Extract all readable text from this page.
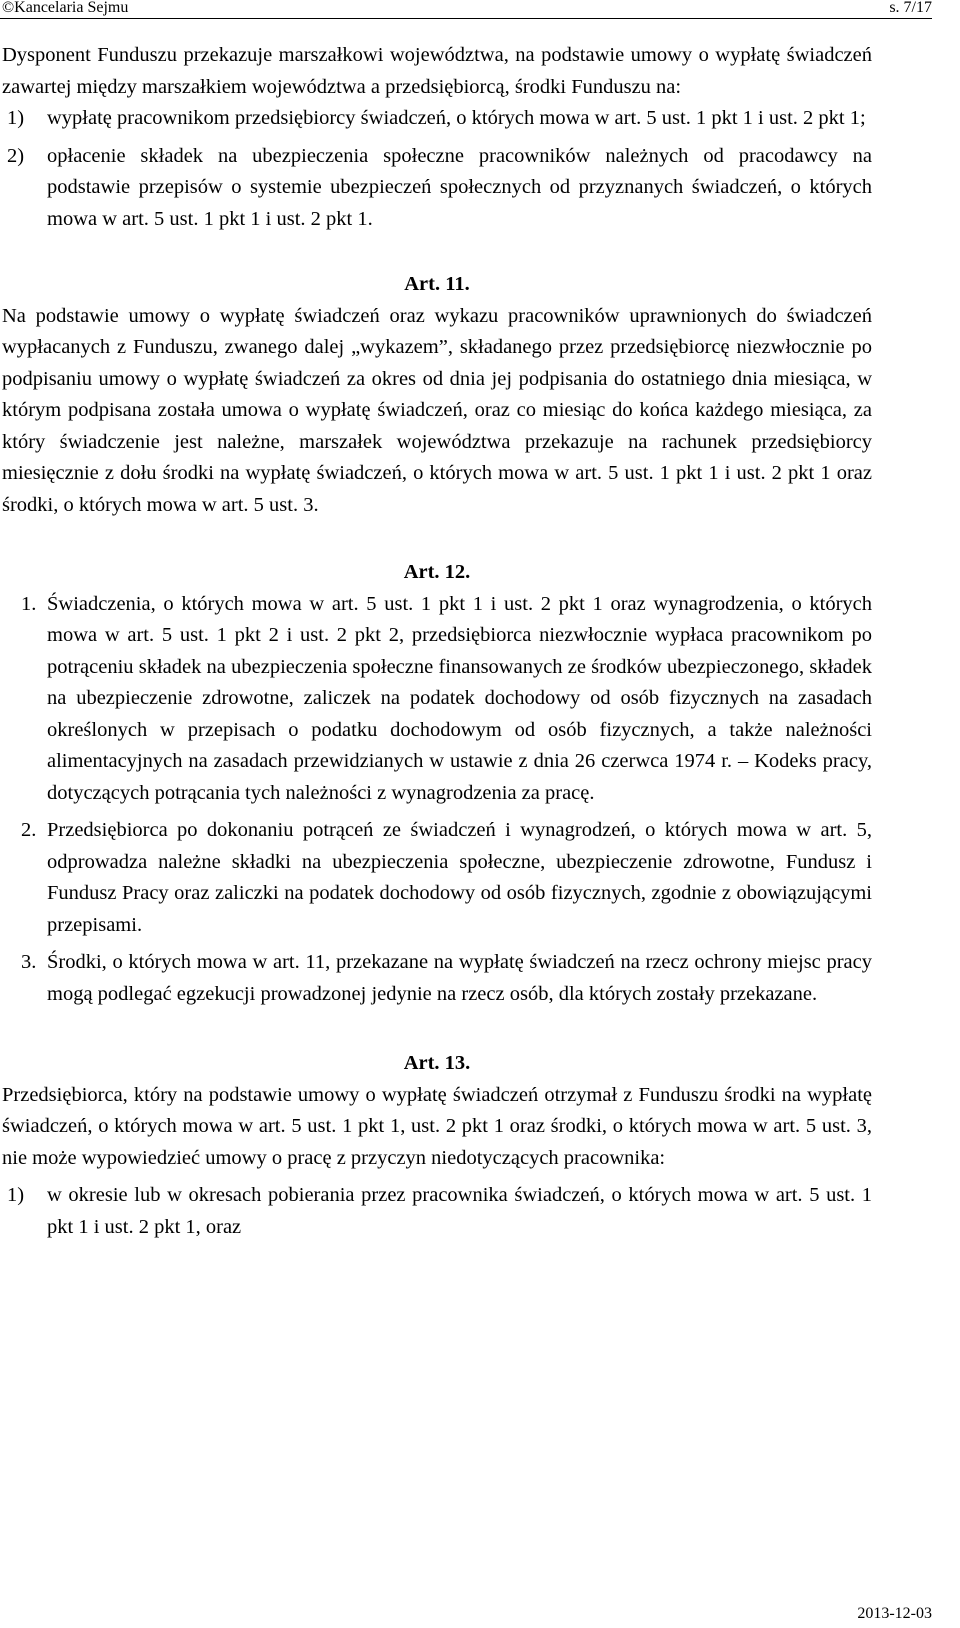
©Kancelaria Sejmu	s. 7/17

Dysponent Funduszu przekazuje marszałkowi województwa, na podstawie umowy o wypłatę świadczeń zawartej między marszałkiem województwa a przedsiębiorcą, środki Funduszu na:

1)	wypłatę pracownikom przedsiębiorcy świadczeń, o których mowa w art. 5 ust. 1 pkt 1 i ust. 2 pkt 1;
2)	opłacenie składek na ubezpieczenia społeczne pracowników należnych od pracodawcy na podstawie przepisów o systemie ubezpieczeń społecznych od przyznanych świadczeń, o których mowa w art. 5 ust. 1 pkt 1 i ust. 2 pkt 1.
Art. 11.

Na podstawie umowy o wypłatę świadczeń oraz wykazu pracowników uprawnionych do świadczeń wypłacanych z Funduszu, zwanego dalej „wykazem”, składanego przez przedsiębiorcę niezwłocznie po podpisaniu umowy o wypłatę świadczeń za okres od dnia jej podpisania do ostatniego dnia miesiąca, w którym podpisana została umowa o wypłatę świadczeń, oraz co miesiąc do końca każdego miesiąca, za który świadczenie jest należne, marszałek województwa przekazuje na rachunek przedsiębiorcy miesięcznie z dołu środki na wypłatę świadczeń, o których mowa w art. 5 ust. 1 pkt 1 i ust. 2 pkt 1 oraz środki, o których mowa w art. 5 ust. 3.

Art. 12.
1. Świadczenia, o których mowa w art. 5 ust. 1 pkt 1 i ust. 2 pkt 1 oraz wynagrodzenia, o których mowa w art. 5 ust. 1 pkt 2 i ust. 2 pkt 2, przedsiębiorca niezwłocznie wypłaca pracownikom po potrąceniu składek na ubezpieczenia społeczne finansowanych ze środków ubezpieczonego, składek na ubezpieczenie zdrowotne, zaliczek na podatek dochodowy od osób fizycznych na zasadach określonych w przepisach o podatku dochodowym od osób fizycznych, a także należności alimentacyjnych na zasadach przewidzianych w ustawie z dnia 26 czerwca 1974 r. – Kodeks pracy, dotyczących potrącania tych należności z wynagrodzenia za pracę.
2. Przedsiębiorca po dokonaniu potrąceń ze świadczeń i wynagrodzeń, o których mowa w art. 5, odprowadza należne składki na ubezpieczenia społeczne, ubezpieczenie zdrowotne, Fundusz i Fundusz Pracy oraz zaliczki na podatek dochodowy od osób fizycznych, zgodnie z obowiązującymi przepisami.
3. Środki, o których mowa w art. 11, przekazane na wypłatę świadczeń na rzecz ochrony miejsc pracy mogą podlegać egzekucji prowadzonej jedynie na rzecz osób, dla których zostały przekazane.
Art. 13.

Przedsiębiorca, który na podstawie umowy o wypłatę świadczeń otrzymał z Funduszu środki na wypłatę świadczeń, o których mowa w art. 5 ust. 1 pkt 1, ust. 2 pkt 1 oraz środki, o których mowa w art. 5 ust. 3, nie może wypowiedzieć umowy o pracę z przyczyn niedotyczących pracownika:

1)	w okresie lub w okresach pobierania przez pracownika świadczeń, o których mowa w art. 5 ust. 1 pkt 1 i ust. 2 pkt 1, oraz
2013-12-03
